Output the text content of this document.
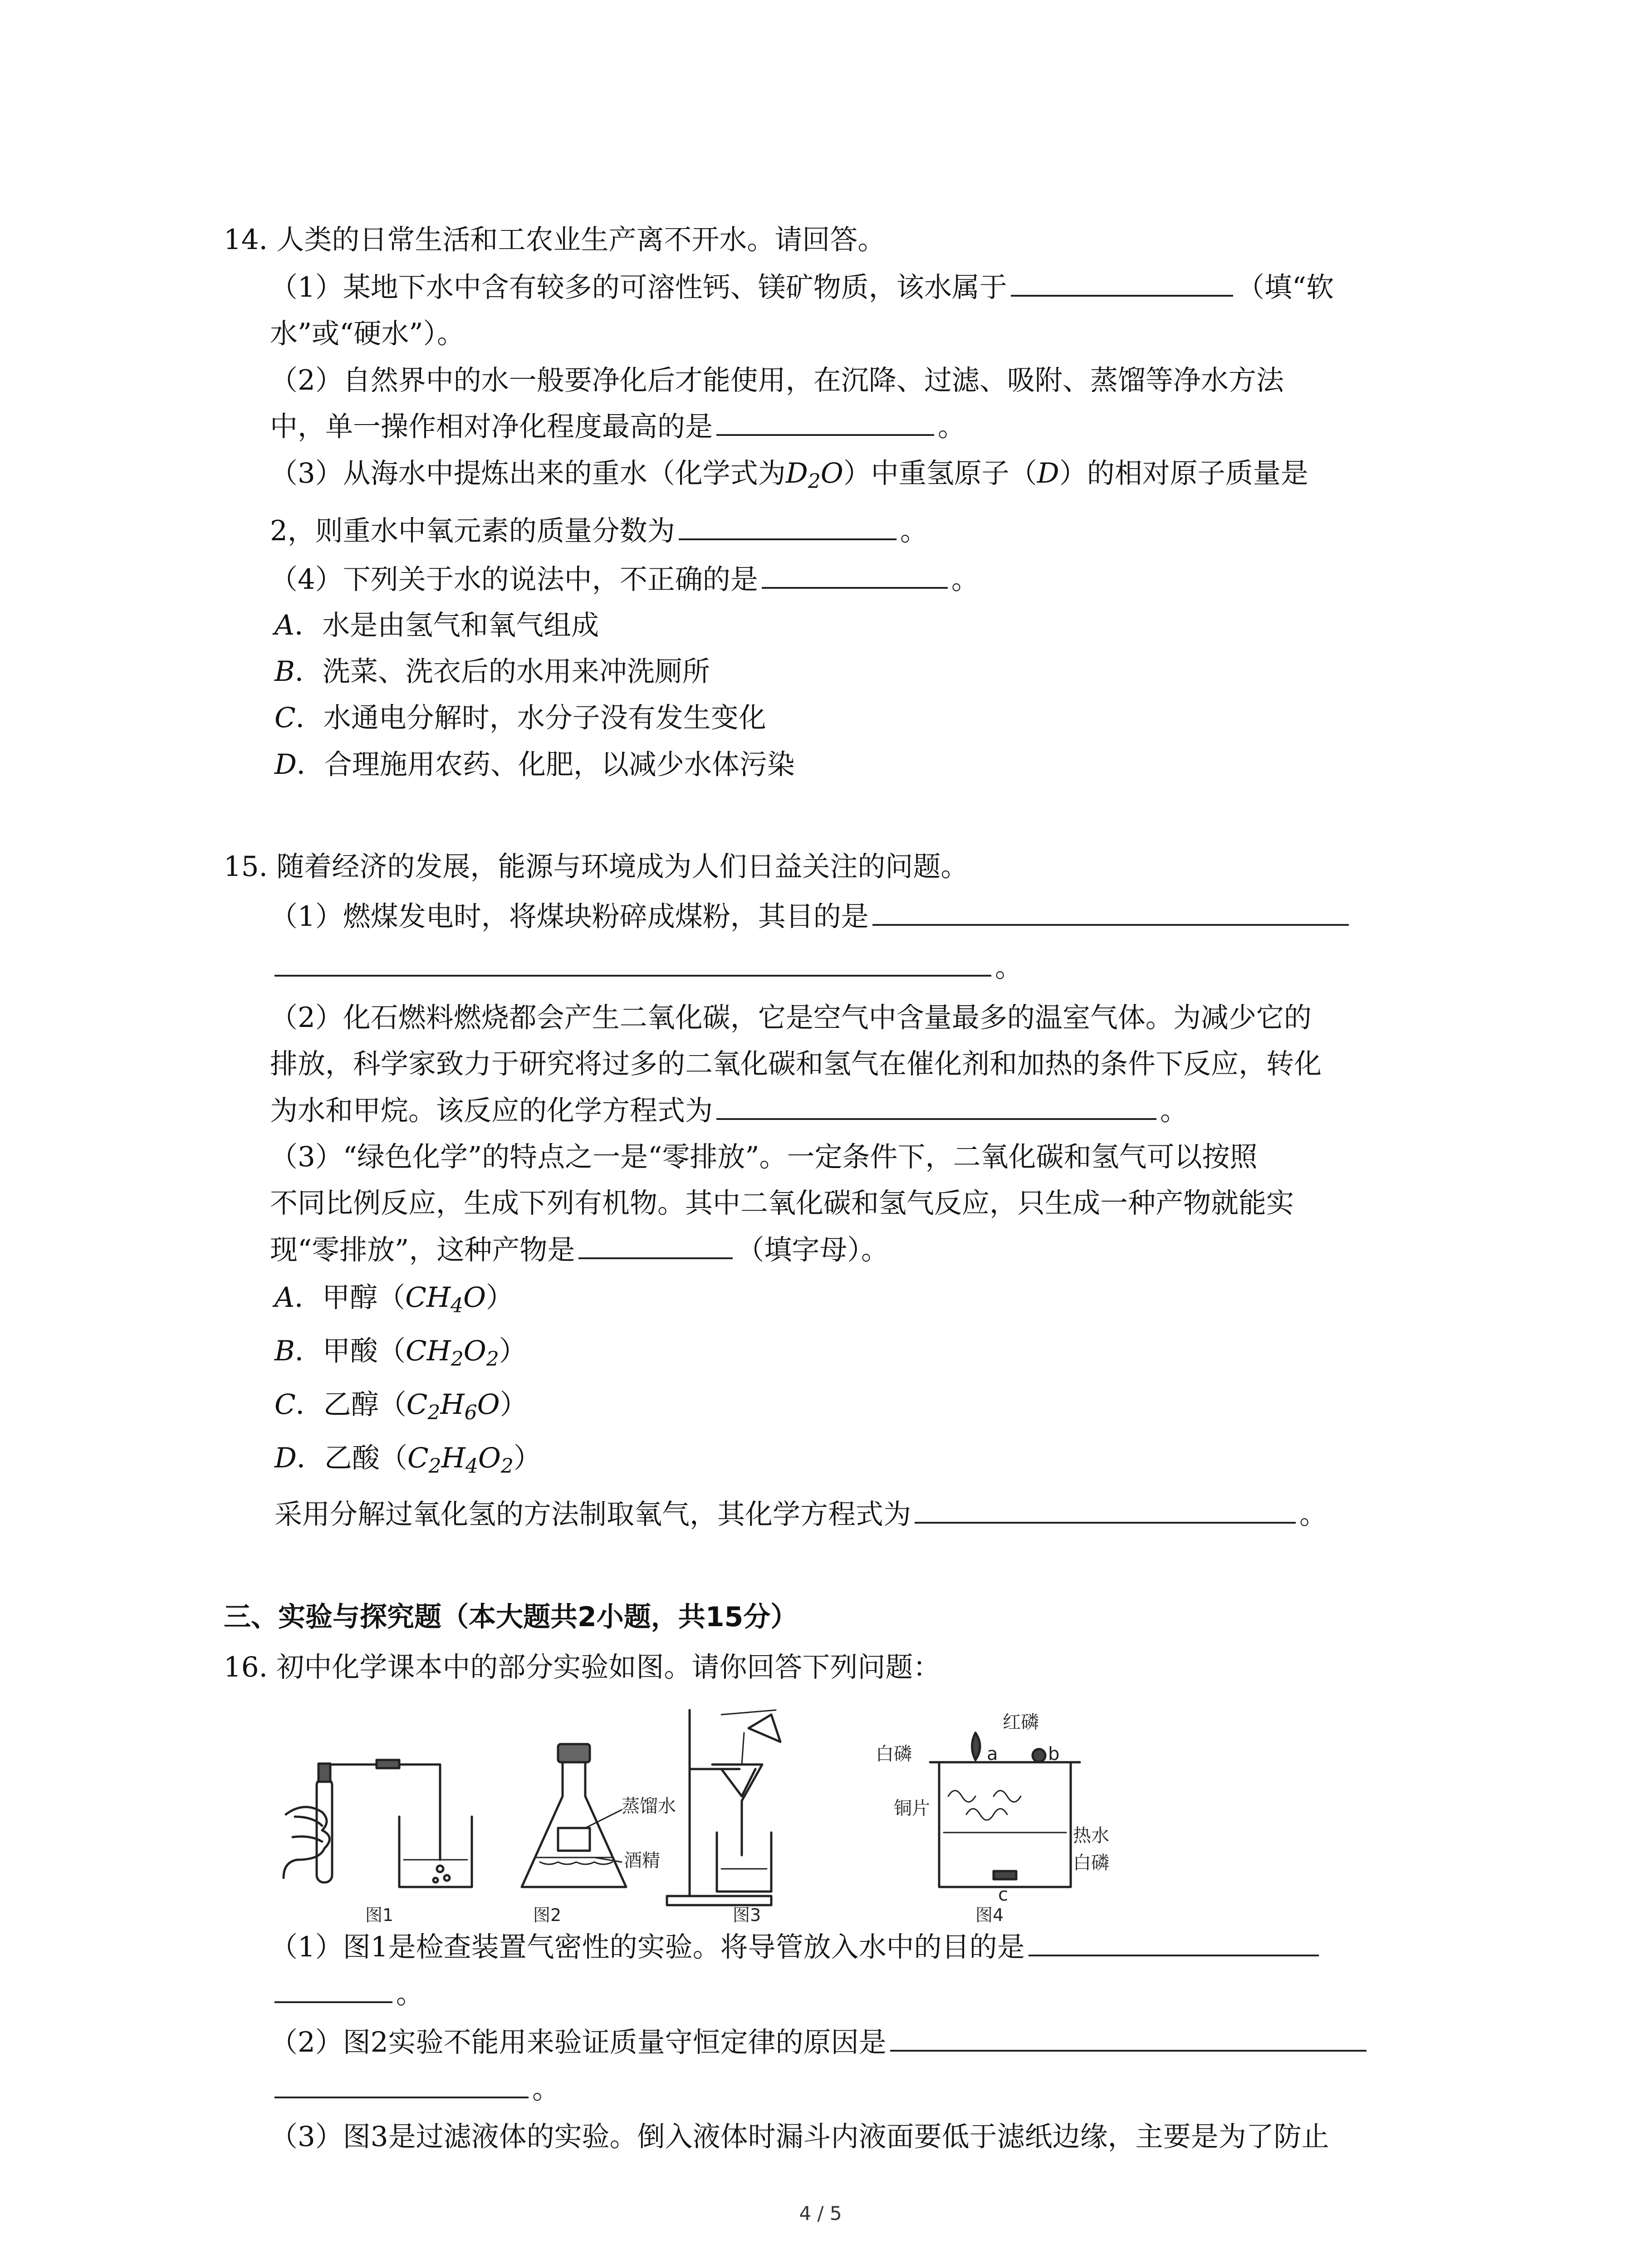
14. 人类的日常生活和工农业生产离不开水。请回答。
（1）某地下水中含有较多的可溶性钙、镁矿物质，该水属于	（填“软
水”或“硬水”）。
（2）自然界中的水一般要净化后才能使用，在沉降、过滤、吸附、蒸馏等净水方法
中，单一操作相对净化程度最高的是	。
（3）从海水中提炼出来的重水（化学式为$D_2O$）中重氢原子（D）的相对原子质量是
2，则重水中氧元素的质量分数为	。
（4）下列关于水的说法中，不正确的是	。
A．水是由氢气和氧气组成
B．洗菜、洗衣后的水用来冲洗厕所
C．水通电分解时，水分子没有发生变化
D．合理施用农药、化肥，以减少水体污染
15. 随着经济的发展，能源与环境成为人们日益关注的问题。
（1）燃煤发电时，将煤块粉碎成煤粉，其目的是
。
（2）化石燃料燃烧都会产生二氧化碳，它是空气中含量最多的温室气体。为减少它的
排放，科学家致力于研究将过多的二氧化碳和氢气在催化剂和加热的条件下反应，转化
为水和甲烷。该反应的化学方程式为	。
（3）“绿色化学”的特点之一是“零排放”。一定条件下，二氧化碳和氢气可以按照
不同比例反应，生成下列有机物。其中二氧化碳和氢气反应，只生成一种产物就能实
现“零排放”，这种产物是	（填字母）。
A．甲醇$(CH_4O)$
B．甲酸$(CH_2O_2)$
C．乙醇$(C_2H_6O)$
D．乙酸$(C_2H_4O_2)$
采用分解过氧化氢的方法制取氧气，其化学方程式为	。
三、实验与探究题（本大题共2小题，共15分）
16. 初中化学课本中的部分实验如图。请你回答下列问题：
蒸馏水
酒精
红磷
白磷	a	b
铜片
热水
白磷
c
图1	图2	图3	图4
（1）图1是检查装置气密性的实验。将导管放入水中的目的是
。
（2）图2实验不能用来验证质量守恒定律的原因是
。
（3）图3是过滤液体的实验。倒入液体时漏斗内液面要低于滤纸边缘，主要是为了防止
4 / 5
